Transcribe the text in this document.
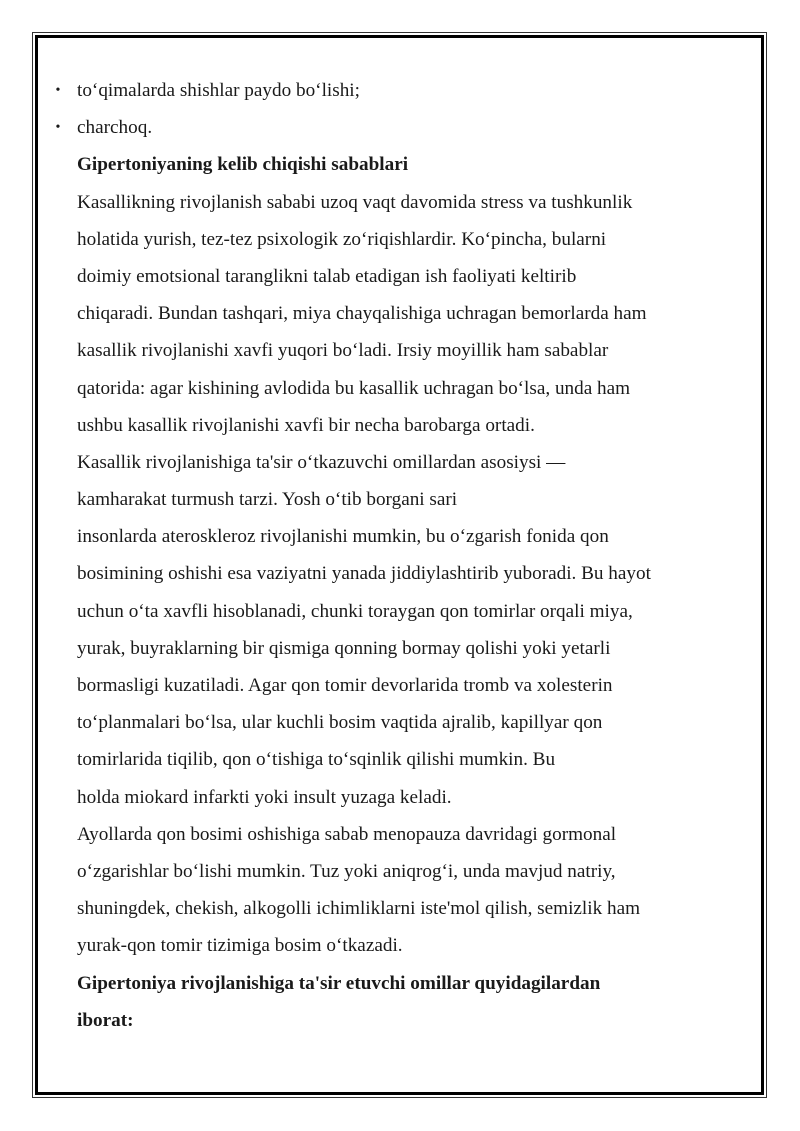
• to‘qimalarda shishlar paydo bo‘lishi;
• charchoq.
Gipertoniyaning kelib chiqishi sabablari
Kasallikning rivojlanish sababi uzoq vaqt davomida stress va tushkunlik
holatida yurish, tez-tez psixologik zo‘riqishlardir. Ko‘pincha, bularni
doimiy emotsional taranglikni talab etadigan ish faoliyati keltirib
chiqaradi. Bundan tashqari, miya chayqalishiga uchragan bemorlarda ham
kasallik rivojlanishi xavfi yuqori bo‘ladi. Irsiy moyillik ham sabablar
qatorida: agar kishining avlodida bu kasallik uchragan bo‘lsa, unda ham
ushbu kasallik rivojlanishi xavfi bir necha barobarga ortadi.
Kasallik rivojlanishiga ta'sir o‘tkazuvchi omillardan asosiysi —
kamharakat turmush tarzi. Yosh o‘tib borgani sari
insonlarda ateroskleroz rivojlanishi mumkin, bu o‘zgarish fonida qon
bosimining oshishi esa vaziyatni yanada jiddiylashtirib yuboradi. Bu hayot
uchun o‘ta xavfli hisoblanadi, chunki toraygan qon tomirlar orqali miya,
yurak, buyraklarning bir qismiga qonning bormay qolishi yoki yetarli
bormasligi kuzatiladi. Agar qon tomir devorlarida tromb va xolesterin
to‘planmalari bo‘lsa, ular kuchli bosim vaqtida ajralib, kapillyar qon
tomirlarida tiqilib, qon o‘tishiga to‘sqinlik qilishi mumkin. Bu
holda miokard infarkti yoki insult yuzaga keladi.
Ayollarda qon bosimi oshishiga sabab menopauza davridagi gormonal
o‘zgarishlar bo‘lishi mumkin. Tuz yoki aniqrog‘i, unda mavjud natriy,
shuningdek, chekish, alkogolli ichimliklarni iste'mol qilish, semizlik ham
yurak-qon tomir tizimiga bosim o‘tkazadi.
Gipertoniya rivojlanishiga ta'sir etuvchi omillar quyidagilardan
iborat:
